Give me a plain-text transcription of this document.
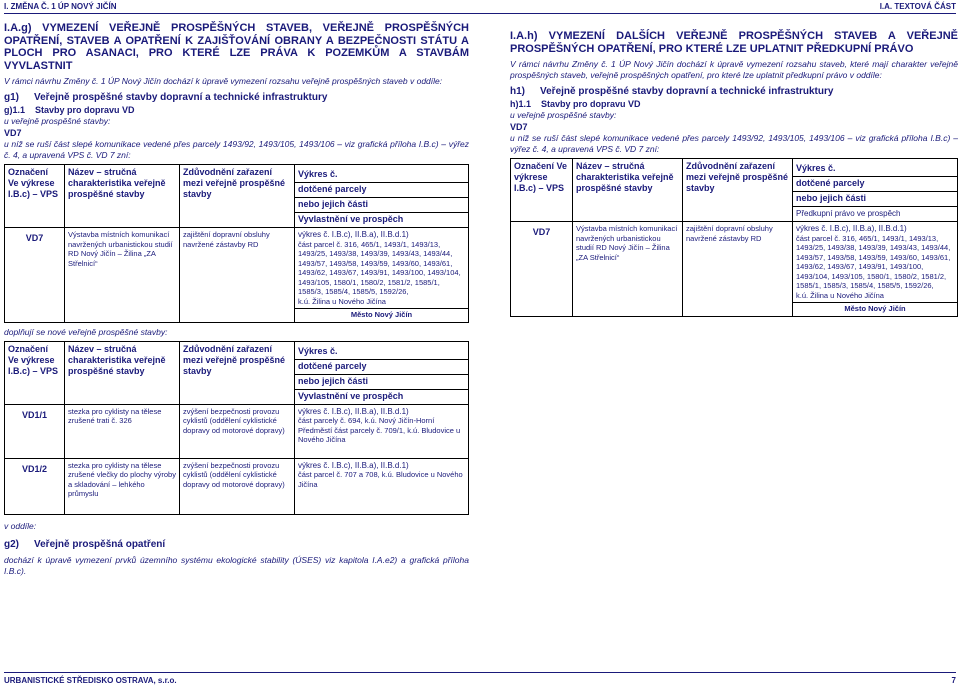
I. ZMĚNA Č. 1 ÚP NOVÝ JIČÍN	I.A. TEXTOVÁ ČÁST
I.A.g) VYMEZENÍ VEŘEJNĚ PROSPĚŠNÝCH STAVEB, VEŘEJNĚ PROSPĚŠNÝCH OPATŘENÍ, STAVEB A OPATŘENÍ K ZAJIŠŤOVÁNÍ OBRANY A BEZPEČNOSTI STÁTU A PLOCH PRO ASANACI, PRO KTERÉ LZE PRÁVA K POZEMKŮM A STAVBÁM VYVLASTNIT
V rámci návrhu Změny č. 1 ÚP Nový Jičín dochází k úpravě vymezení rozsahu veřejně prospěšných staveb v oddíle:
g1)	Veřejně prospěšné stavby dopravní a technické infrastruktury
g)1.1 Stavby pro dopravu VD
u veřejně prospěšné stavby:
VD7
u níž se ruší část slepé komunikace vedené přes parcely 1493/92, 1493/105, 1493/106 – viz grafická příloha I.B.c) – výřez č. 4, a upravená VPS č. VD 7 zní:
Označení Ve výkrese I.B.c) – VPS	Název – stručná charakteristika veřejně prospěšné stavby	Zdůvodnění zařazení mezi veřejně prospěšné stavby	Výkres č.
dotčené parcely
nebo jejich části
Vyvlastnění ve prospěch

VD7	Výstavba místních komunikací navržených urbanistickou studií RD Nový Jičín – Žilina „ZA Střelnicí“	zajištění dopravní obsluhy navržené zástavby RD	výkres č. I.B.c), II.B.a), II.B.d.1)
část parcel č. 316, 465/1, 1493/1, 1493/13, 1493/25, 1493/38, 1493/39, 1493/43, 1493/44, 1493/57, 1493/58, 1493/59, 1493/60, 1493/61, 1493/62, 1493/67, 1493/91, 1493/100, 1493/104, 1493/105, 1580/1, 1580/2, 1581/2, 1585/1, 1585/3, 1585/4, 1585/5, 1592/26,
k.ú. Žilina u Nového Jičína
Město Nový Jičín
doplňují se nové veřejně prospěšné stavby:
Označení Ve výkrese I.B.c) – VPS	Název – stručná charakteristika veřejně prospěšné stavby	Zdůvodnění zařazení mezi veřejně prospěšné stavby	Výkres č.
dotčené parcely
nebo jejich části
Vyvlastnění ve prospěch

VD1/1	stezka pro cyklisty na tělese zrušené trati č. 326	zvýšení bezpečnosti provozu cyklistů (oddělení cyklistické dopravy od motorové dopravy)	výkres č. I.B.c), II.B.a), II.B.d.1)
část parcely č. 694, k.ú. Nový Jičín-Horní Předměstí část parcely č. 709/1, k.ú. Bludovice u Nového Jičína
VD1/2	stezka pro cyklisty na tělese zrušené vlečky do plochy výroby a skladování – lehkého průmyslu	zvýšení bezpečnosti provozu cyklistů (oddělení cyklistické dopravy od motorové dopravy)	výkres č. I.B.c), II.B.a), II.B.d.1)
část parcel č. 707 a 708, k.ú. Bludovice u Nového Jičína
v oddíle:
g2)	Veřejně prospěšná opatření
dochází k úpravě vymezení prvků územního systému ekologické stability (ÚSES) viz kapitola I.A.e2) a grafická příloha I.B.c).
I.A.h) VYMEZENÍ DALŠÍCH VEŘEJNĚ PROSPĚŠNÝCH STAVEB A VEŘEJNĚ PROSPĚŠNÝCH OPATŘENÍ, PRO KTERÉ LZE UPLATNIT PŘEDKUPNÍ PRÁVO
V rámci návrhu Změny č. 1 ÚP Nový Jičín dochází k úpravě vymezení rozsahu staveb, které mají charakter veřejně prospěšných staveb, veřejně prospěšných opatření, pro které lze uplatnit předkupní právo v oddíle:
h1)	Veřejně prospěšné stavby dopravní a technické infrastruktury
h)1.1 Stavby pro dopravu VD
u veřejně prospěšné stavby:
VD7
u níž se ruší část slepé komunikace vedené přes parcely 1493/92, 1493/105, 1493/106 – viz grafická příloha I.B.c) – výřez č. 4, a upravená VPS č. VD 7 zní:
Označení Ve výkrese I.B.c) – VPS	Název – stručná charakteristika veřejně prospěšné stavby	Zdůvodnění zařazení mezi veřejně prospěšné stavby	Výkres č.
dotčené parcely
nebo jejich části
Předkupní právo ve prospěch

VD7	Výstavba místních komunikací navržených urbanistickou studií RD Nový Jičín – Žilina „ZA Střelnicí“	zajištění dopravní obsluhy navržené zástavby RD	výkres č. I.B.c), II.B.a), II.B.d.1)
část parcel č. 316, 465/1, 1493/1, 1493/13, 1493/25, 1493/38, 1493/39, 1493/43, 1493/44, 1493/57, 1493/58, 1493/59, 1493/60, 1493/61, 1493/62, 1493/67, 1493/91, 1493/100, 1493/104, 1493/105, 1580/1, 1580/2, 1581/2, 1585/1, 1585/3, 1585/4, 1585/5, 1592/26,
k.ú. Žilina u Nového Jičína
Město Nový Jičín
URBANISTICKÉ STŘEDISKO OSTRAVA, s.r.o.	7
